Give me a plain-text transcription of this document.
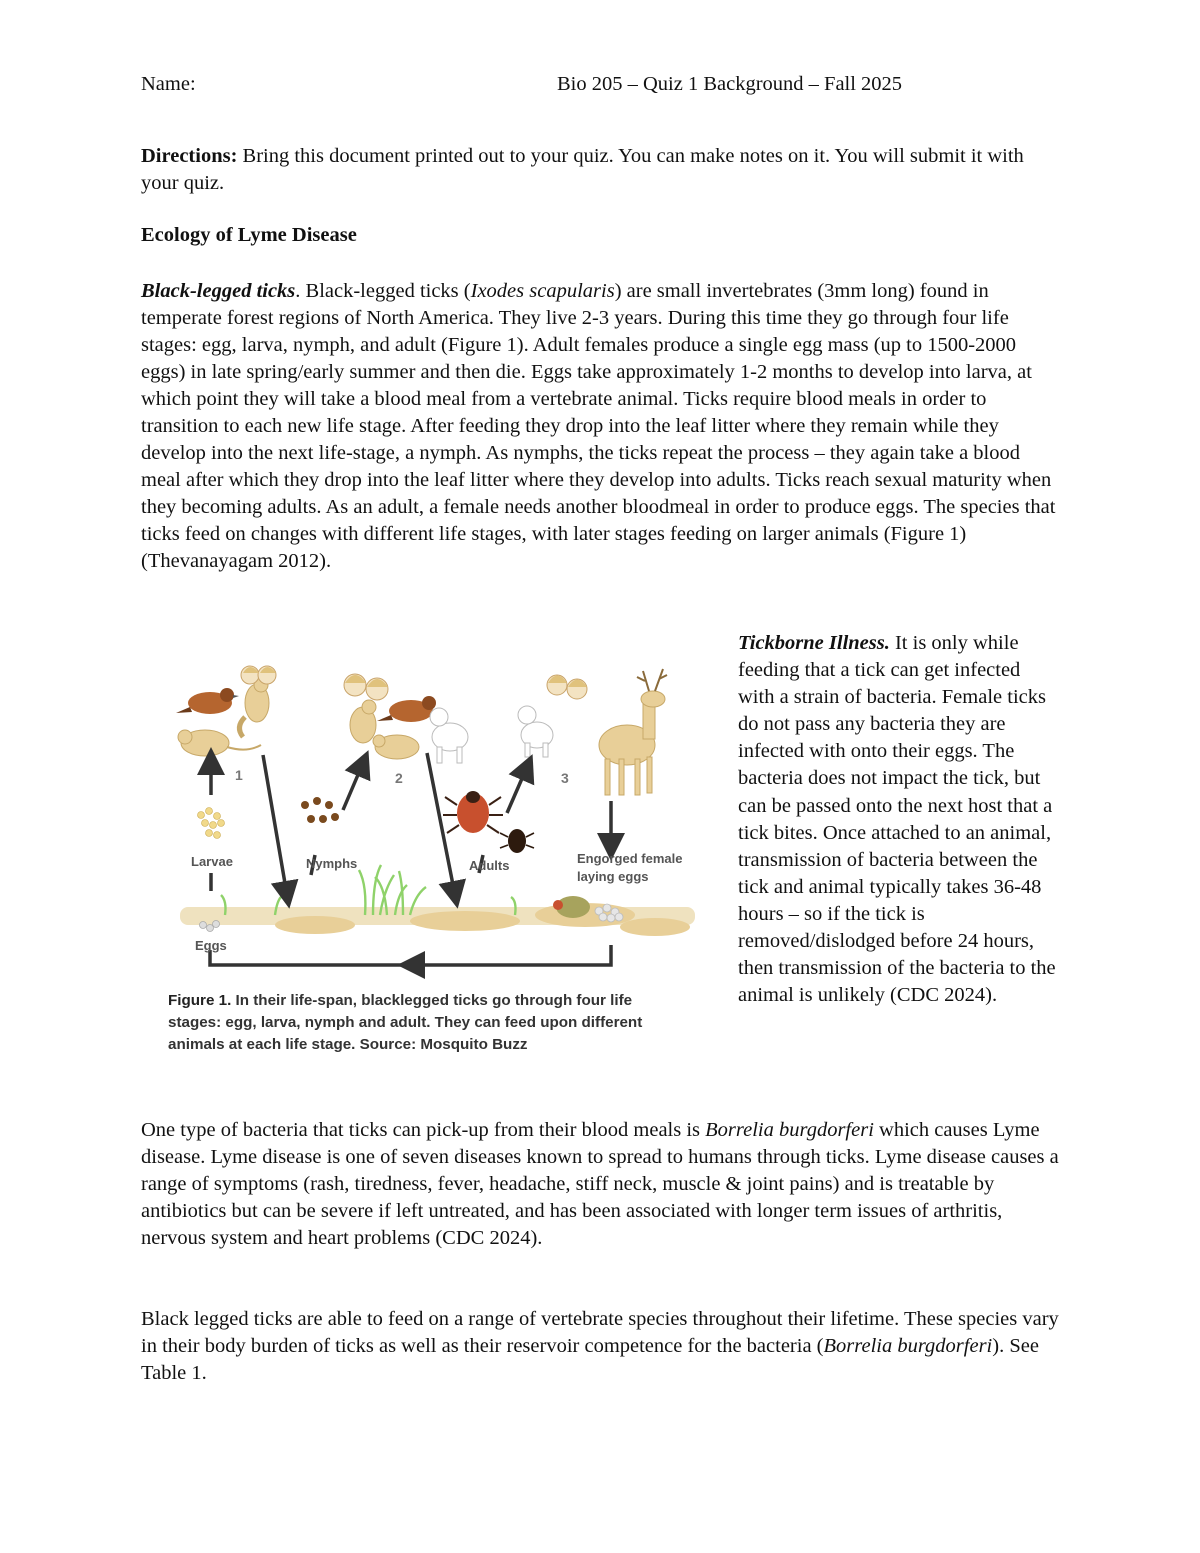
Name:	Bio 205 – Quiz 1 Background – Fall 2025

Directions: Bring this document printed out to your quiz. You can make notes on it. You will submit it with your quiz.

Ecology of Lyme Disease

Black-legged ticks. Black-legged ticks (Ixodes scapularis) are small invertebrates (3mm long) found in temperate forest regions of North America. They live 2-3 years. During this time they go through four life stages: egg, larva, nymph, and adult (Figure 1). Adult females produce a single egg mass (up to 1500-2000 eggs) in late spring/early summer and then die. Eggs take approximately 1-2 months to develop into larva, at which point they will take a blood meal from a vertebrate animal. Ticks require blood meals in order to transition to each new life stage. After feeding they drop into the leaf litter where they remain while they develop into the next life-stage, a nymph. As nymphs, the ticks repeat the process – they again take a blood meal after which they drop into the leaf litter where they develop into adults. Ticks reach sexual maturity when they becoming adults. As an adult, a female needs another bloodmeal in order to produce eggs. The species that ticks feed on changes with different life stages, with later stages feeding on larger animals (Figure 1) (Thevanayagam 2012).

Larvae	Nymphs	Adults
Eggs
Engorged female
laying eggs
1	2	3
Figure 1. In their life-span, blacklegged ticks go through four life stages: egg, larva, nymph and adult. They can feed upon different animals at each life stage. Source: Mosquito Buzz

Tickborne Illness. It is only while feeding that a tick can get infected with a strain of bacteria. Female ticks do not pass any bacteria they are infected with onto their eggs. The bacteria does not impact the tick, but can be passed onto the next host that a tick bites. Once attached to an animal, transmission of bacteria between the tick and animal typically takes 36-48 hours – so if the tick is removed/dislodged before 24 hours, then transmission of the bacteria to the animal is unlikely (CDC 2024).

One type of bacteria that ticks can pick-up from their blood meals is Borrelia burgdorferi which causes Lyme disease. Lyme disease is one of seven diseases known to spread to humans through ticks. Lyme disease causes a range of symptoms (rash, tiredness, fever, headache, stiff neck, muscle & joint pains) and is treatable by antibiotics but can be severe if left untreated, and has been associated with longer term issues of arthritis, nervous system and heart problems (CDC 2024).

Black legged ticks are able to feed on a range of vertebrate species throughout their lifetime. These species vary in their body burden of ticks as well as their reservoir competence for the bacteria (Borrelia burgdorferi). See Table 1.
